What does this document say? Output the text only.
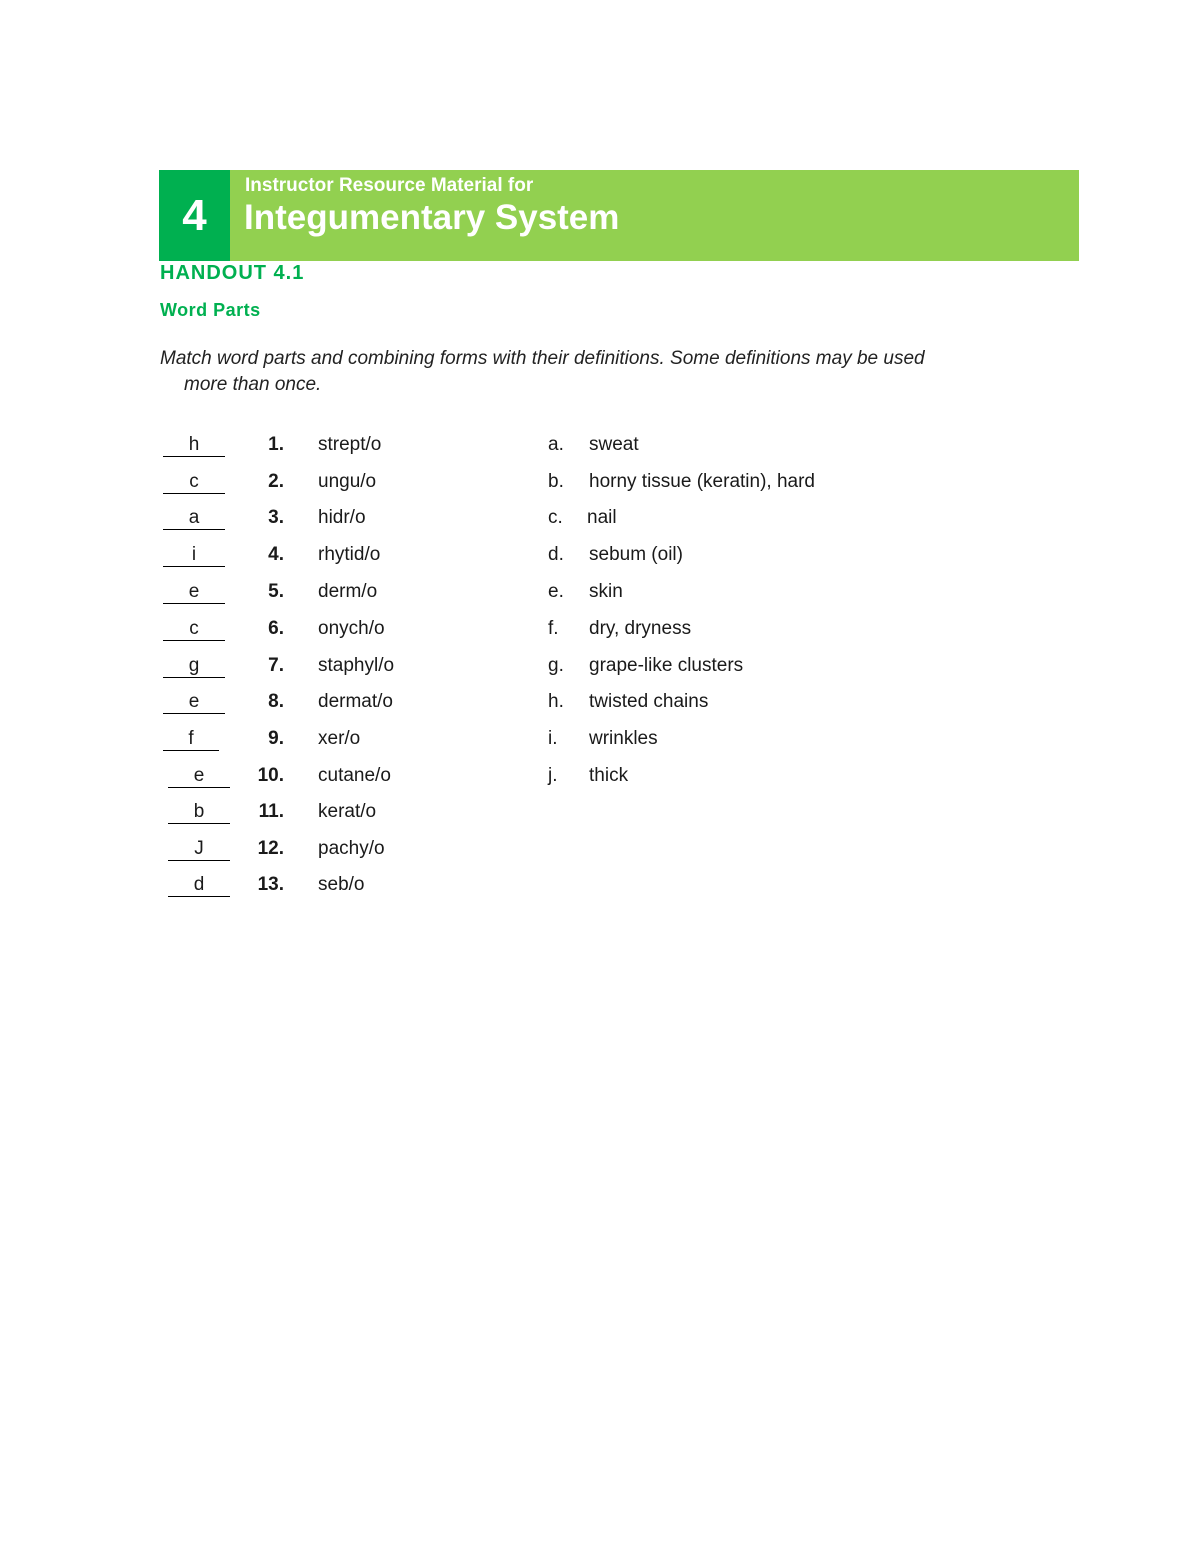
4
Instructor Resource Material for
Integumentary System
HANDOUT 4.1
Word Parts
Match word parts and combining forms with their definitions. Some definitions may be used
more than once.
h	1. strept/o
c	2. ungu/o
a	3. hidr/o
i	4. rhytid/o
e	5. derm/o
c	6. onych/o
g	7. staphyl/o
e	8. dermat/o
f	9. xer/o
e	10. cutane/o
b	11. kerat/o
J	12. pachy/o
d	13. seb/o
a. sweat
b. horny tissue (keratin), hard
c. nail
d. sebum (oil)
e. skin
f. dry, dryness
g. grape-like clusters
h. twisted chains
i. wrinkles
j. thick
